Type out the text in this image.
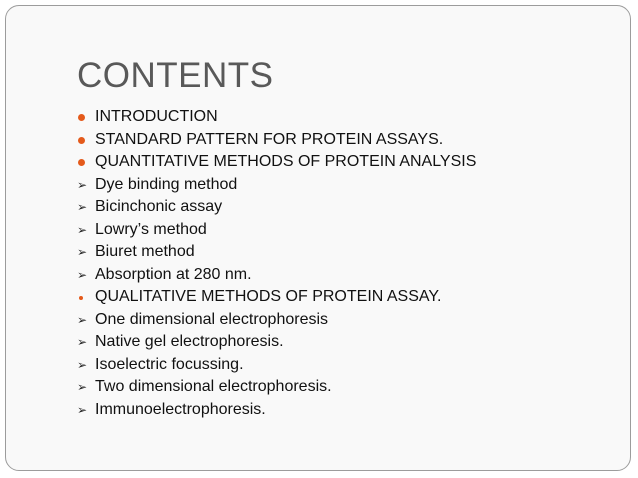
CONTENTS
INTRODUCTION
STANDARD PATTERN FOR PROTEIN ASSAYS.
QUANTITATIVE METHODS OF PROTEIN ANALYSIS
➢ Dye binding method
➢ Bicinchonic assay
➢ Lowry’s method
➢ Biuret method
➢ Absorption at 280 nm.
QUALITATIVE METHODS OF PROTEIN ASSAY.
➢ One dimensional electrophoresis
➢ Native gel electrophoresis.
➢ Isoelectric focussing.
➢ Two dimensional electrophoresis.
➢ Immunoelectrophoresis.
